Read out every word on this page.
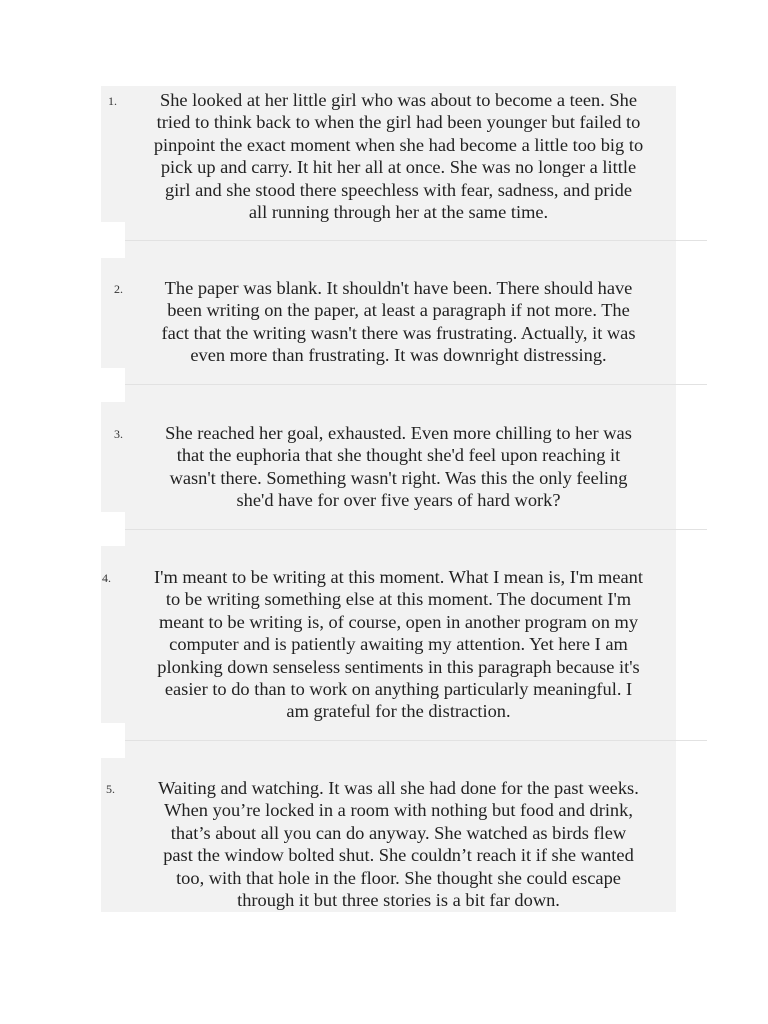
1.	She looked at her little girl who was about to become a teen. She
tried to think back to when the girl had been younger but failed to
pinpoint the exact moment when she had become a little too big to
pick up and carry. It hit her all at once. She was no longer a little
girl and she stood there speechless with fear, sadness, and pride
all running through her at the same time.

2.	The paper was blank. It shouldn't have been. There should have
been writing on the paper, at least a paragraph if not more. The
fact that the writing wasn't there was frustrating. Actually, it was
even more than frustrating. It was downright distressing.

3.	She reached her goal, exhausted. Even more chilling to her was
that the euphoria that she thought she'd feel upon reaching it
wasn't there. Something wasn't right. Was this the only feeling
she'd have for over five years of hard work?

4.	I'm meant to be writing at this moment. What I mean is, I'm meant
to be writing something else at this moment. The document I'm
meant to be writing is, of course, open in another program on my
computer and is patiently awaiting my attention. Yet here I am
plonking down senseless sentiments in this paragraph because it's
easier to do than to work on anything particularly meaningful. I
am grateful for the distraction.

5.	Waiting and watching. It was all she had done for the past weeks.
When you’re locked in a room with nothing but food and drink,
that’s about all you can do anyway. She watched as birds flew
past the window bolted shut. She couldn’t reach it if she wanted
too, with that hole in the floor. She thought she could escape
through it but three stories is a bit far down.
